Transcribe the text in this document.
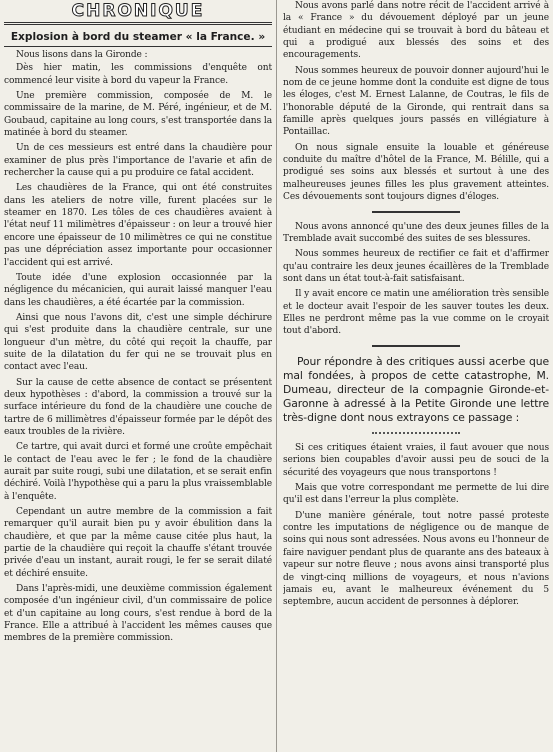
CHRONIQUE
Explosion à bord du steamer « la France. »

Nous lisons dans la Gironde :

Dès hier matin, les commissions d'enquête ont commencé leur visite à bord du vapeur la France.

Une première commission, composée de M. le commissaire de la marine, de M. Péré, ingénieur, et de M. Goubaud, capitaine au long cours, s'est transportée dans la matinée à bord du steamer.

Un de ces messieurs est entré dans la chaudière pour examiner de plus près l'importance de l'avarie et afin de rechercher la cause qui a pu produire ce fatal accident.

Les chaudières de la France, qui ont été construites dans les ateliers de notre ville, furent placées sur le steamer en 1870. Les tôles de ces chaudières avaient à l'état neuf 11 milimètres d'épaisseur : on leur a trouvé hier encore une épaisseur de 10 milimètres ce qui ne constitue pas une dépréciation assez importante pour occasionner l'accident qui est arrivé.

Toute idée d'une explosion occasionnée par la négligence du mécanicien, qui aurait laissé manquer l'eau dans les chaudières, a été écartée par la commission.

Ainsi que nous l'avons dit, c'est une simple déchirure qui s'est produite dans la chaudière centrale, sur une longueur d'un mètre, du côté qui reçoit la chauffe, par suite de la dilatation du fer qui ne se trouvait plus en contact avec l'eau.

Sur la cause de cette absence de contact se présentent deux hypothèses : d'abord, la commission a trouvé sur la surface intérieure du fond de la chaudière une couche de tartre de 6 millimètres d'épaisseur formée par le dépôt des eaux troubles de la rivière.

Ce tartre, qui avait durci et formé une croûte empêchait le contact de l'eau avec le fer ; le fond de la chaudière aurait par suite rougi, subi une dilatation, et se serait enfin déchiré. Voilà l'hypothèse qui a paru la plus vraissemblable à l'enquête.

Cependant un autre membre de la commission a fait remarquer qu'il aurait bien pu y avoir ébulition dans la chaudière, et que par la même cause citée plus haut, la partie de la chaudière qui reçoit la chauffe s'étant trouvée privée d'eau un instant, aurait rougi, le fer se serait dilaté et déchiré ensuite.

Dans l'après-midi, une deuxième commission également composée d'un ingénieur civil, d'un commissaire de police et d'un capitaine au long cours, s'est rendue à bord de la France. Elle a attribué à l'accident les mêmes causes que membres de la première commission.

Nous avons parlé dans notre récit de l'accident arrivé à la « France » du dévouement déployé par un jeune étudiant en médecine qui se trouvait à bord du bâteau et qui a prodigué aux blessés des soins et des encouragements.

Nous sommes heureux de pouvoir donner aujourd'hui le nom de ce jeune homme dont la conduite est digne de tous les éloges, c'est M. Ernest Lalanne, de Coutras, le fils de l'honorable député de la Gironde, qui rentrait dans sa famille après quelques jours passés en villégiature à Pontaillac.

On nous signale ensuite la louable et généreuse conduite du maître d'hôtel de la France, M. Bélille, qui a prodigué ses soins aux blessés et surtout à une des malheureuses jeunes filles les plus gravement atteintes. Ces dévouements sont toujours dignes d'éloges.

Nous avons annoncé qu'une des deux jeunes filles de la Tremblade avait succombé des suites de ses blessures.

Nous sommes heureux de rectifier ce fait et d'affirmer qu'au contraire les deux jeunes écaillères de la Tremblade sont dans un état tout-à-fait satisfaisant.

Il y avait encore ce matin une amélioration très sensible et le docteur avait l'espoir de les sauver toutes les deux. Elles ne perdront même pas la vue comme on le croyait tout d'abord.

Pour répondre à des critiques aussi acerbe que mal fondées, à propos de cette catastrophe, M. Dumeau, directeur de la compagnie Gironde-et-Garonne à adressé à la Petite Gironde une lettre très-digne dont nous extrayons ce passage :

Si ces critiques étaient vraies, il faut avouer que nous serions bien coupables d'avoir aussi peu de souci de la sécurité des voyageurs que nous transportons !

Mais que votre correspondant me permette de lui dire qu'il est dans l'erreur la plus complète.

D'une manière générale, tout notre passé proteste contre les imputations de négligence ou de manque de soins qui nous sont adressées. Nous avons eu l'honneur de faire naviguer pendant plus de quarante ans des bateaux à vapeur sur notre fleuve ; nous avons ainsi transporté plus de vingt-cinq millions de voyageurs, et nous n'avions jamais eu, avant le malheureux événement du 5 septembre, aucun accident de personnes à déplorer.
